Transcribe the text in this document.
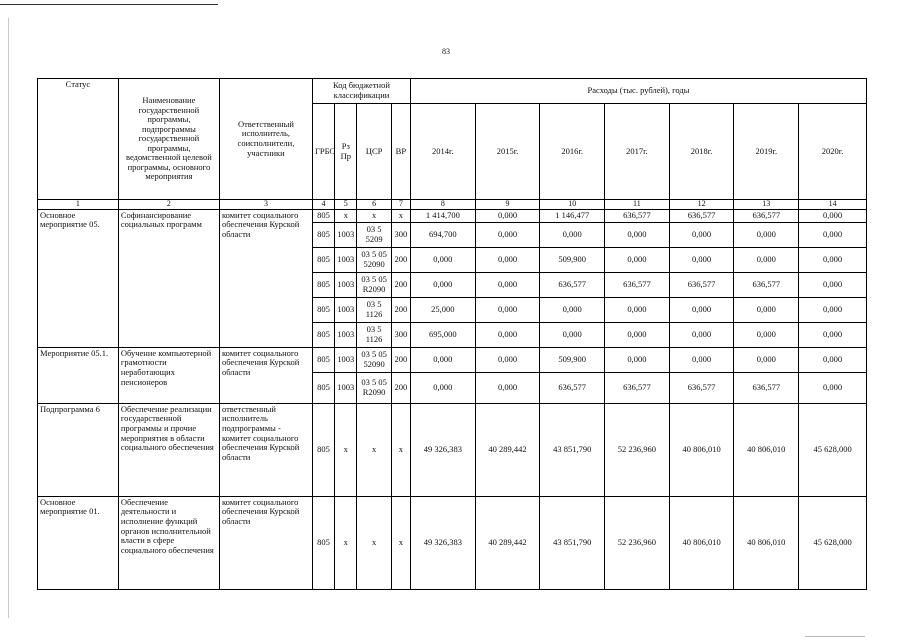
83
Статус	Наименование государственной программы, подпрограммы государственной программы, ведомственной целевой программы, основного мероприятия	Ответственный исполнитель, соисполнители, участники	Код бюджетной классификации				Расходы (тыс. рублей), годы						
			ГРБС	Рз Пр	ЦСР	ВР	2014г.	2015г.	2016г.	2017г.	2018г.	2019г.	2020г.
1	2	3	4	5	6	7	8	9	10	11	12	13	14
Основное мероприятие 05.	Софинансирование социальных программ	комитет социального обеспечения Курской области	805	х	х	х	1 414,700	0,000	1 146,477	636,577	636,577	636,577	0,000
			805	1003	03 5 5209	300	694,700	0,000	0,000	0,000	0,000	0,000	0,000
			805	1003	03 5 05 52090	200	0,000	0,000	509,900	0,000	0,000	0,000	0,000
			805	1003	03 5 05 R2090	200	0,000	0,000	636,577	636,577	636,577	636,577	0,000
			805	1003	03 5 1126	200	25,000	0,000	0,000	0,000	0,000	0,000	0,000
			805	1003	03 5 1126	300	695,000	0,000	0,000	0,000	0,000	0,000	0,000
Мероприятие 05.1.	Обучение компьютерной грамотности неработающих пенсионеров	комитет социального обеспечения Курской области	805	1003	03 5 05 52090	200	0,000	0,000	509,900	0,000	0,000	0,000	0,000
			805	1003	03 5 05 R2090	200	0,000	0,000	636,577	636,577	636,577	636,577	0,000
Подпрограмма 6	Обеспечение реализации государственной программы и прочие мероприятия в области социального обеспечения	ответственный исполнитель подпрограммы - комитет социального обеспечения Курской области	805	х	х	х	49 326,383	40 289,442	43 851,790	52 236,960	40 806,010	40 806,010	45 628,000
Основное мероприятие 01.	Обеспечение деятельности и исполнение функций органов исполнительной власти в сфере социального обеспечения	комитет социального обеспечения Курской области	805	х	х	х	49 326,383	40 289,442	43 851,790	52 236,960	40 806,010	40 806,010	45 628,000
